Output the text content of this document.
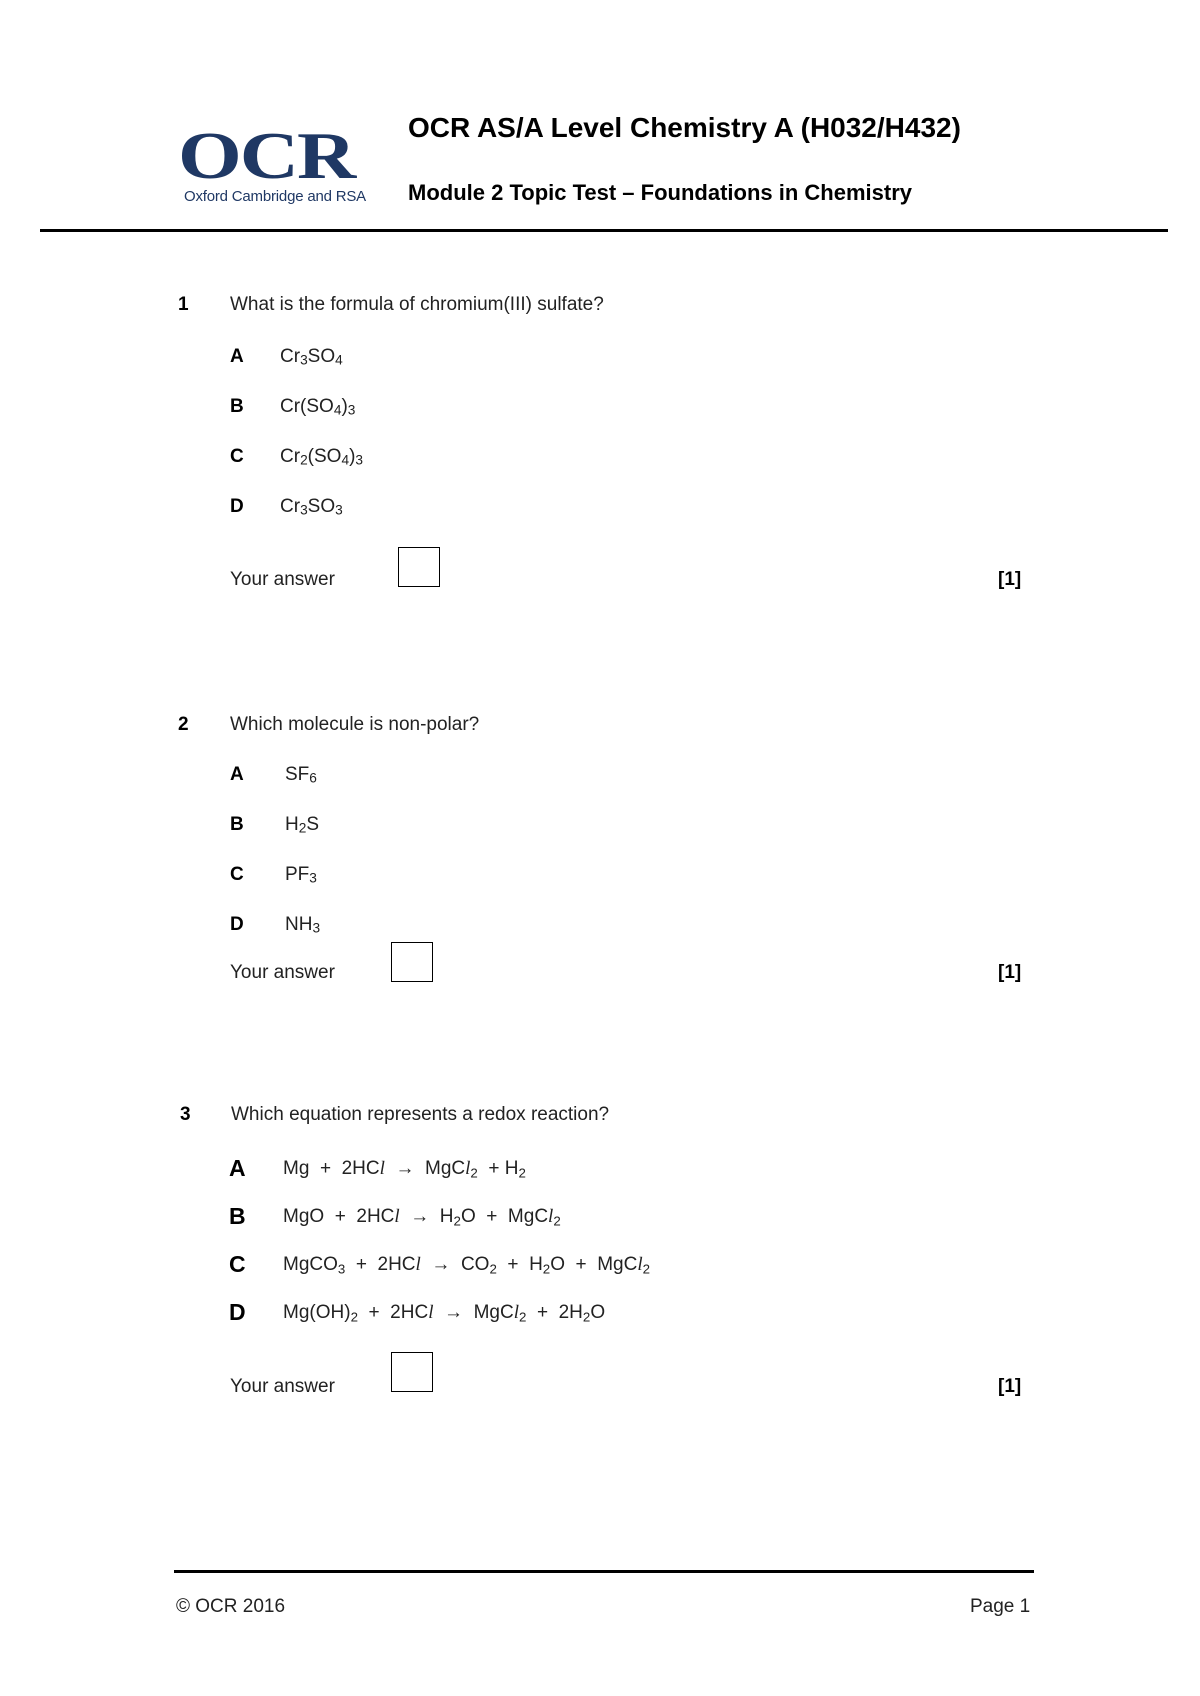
OCR
Oxford Cambridge and RSA
OCR AS/A Level Chemistry A (H032/H432)
Module 2 Topic Test – Foundations in Chemistry
1 What is the formula of chromium(III) sulfate?
A $Cr_3SO_4$
B $Cr(SO_4)_3$
C $Cr_2(SO_4)_3$
D $Cr_3SO_3$
Your answer	[1]
2 Which molecule is non-polar?
A $SF_6$
B $H_2S$
C $PF_3$
D $NH_3$
Your answer	[1]
3 Which equation represents a redox reaction?
A Mg  +  2HCl  →  MgCl$_2$  + $H_2$
B MgO  +  $2HCl \to H_2O$  +  MgCl$_2$
C MgCO$_3$  +  $2HCl \to CO_2 + H_2O$  +  MgCl$_2$
D $Mg(OH)_2 + 2HCl$  →  MgCl$_2$  +  $2H_2O$
Your answer	[1]
© OCR 2016	Page 1
